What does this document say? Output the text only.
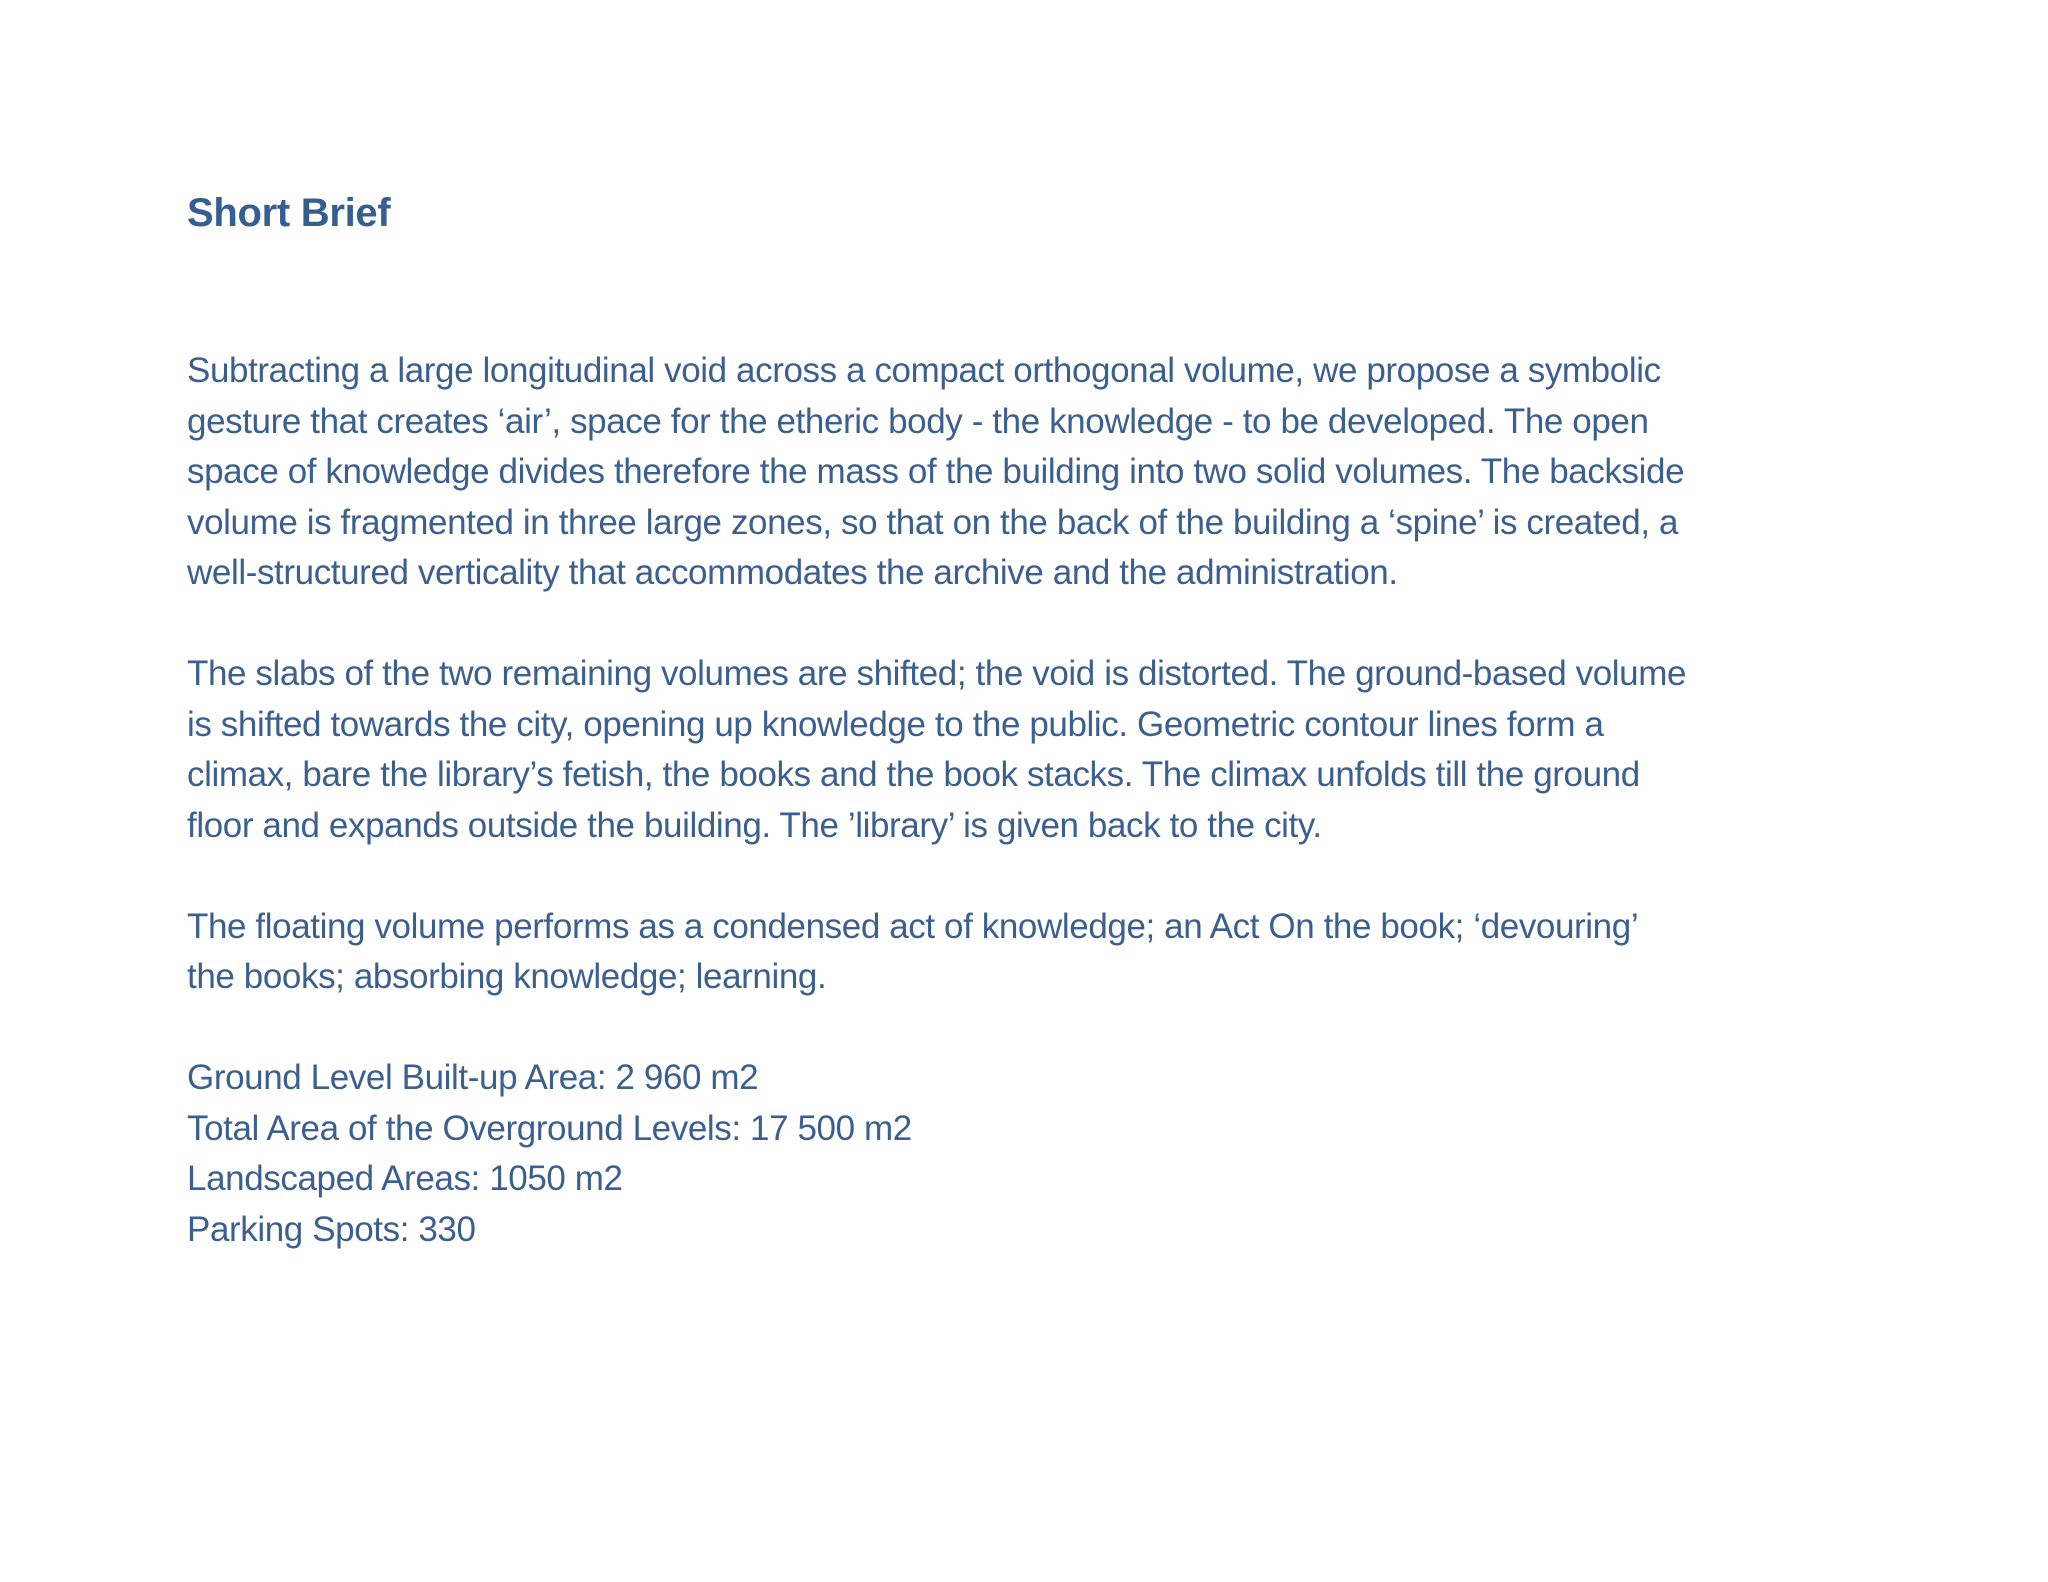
Short Brief

Subtracting a large longitudinal void across a compact orthogonal volume, we propose a symbolic
gesture that creates ‘air’, space for the etheric body - the knowledge - to be developed. The open
space of knowledge divides therefore the mass of the building into two solid volumes. The backside
volume is fragmented in three large zones, so that on the back of the building a ‘spine’ is created, a
well-structured verticality that accommodates the archive and the administration.

The slabs of the two remaining volumes are shifted; the void is distorted. The ground-based volume
is shifted towards the city, opening up knowledge to the public. Geometric contour lines form a
climax, bare the library’s fetish, the books and the book stacks. The climax unfolds till the ground
floor and expands outside the building. The ’library’ is given back to the city.

The floating volume performs as a condensed act of knowledge; an Act On the book; ‘devouring’
the books; absorbing knowledge; learning.

Ground Level Built-up Area: 2 960 m2
Total Area of the Overground Levels: 17 500 m2
Landscaped Areas: 1050 m2
Parking Spots: 330
